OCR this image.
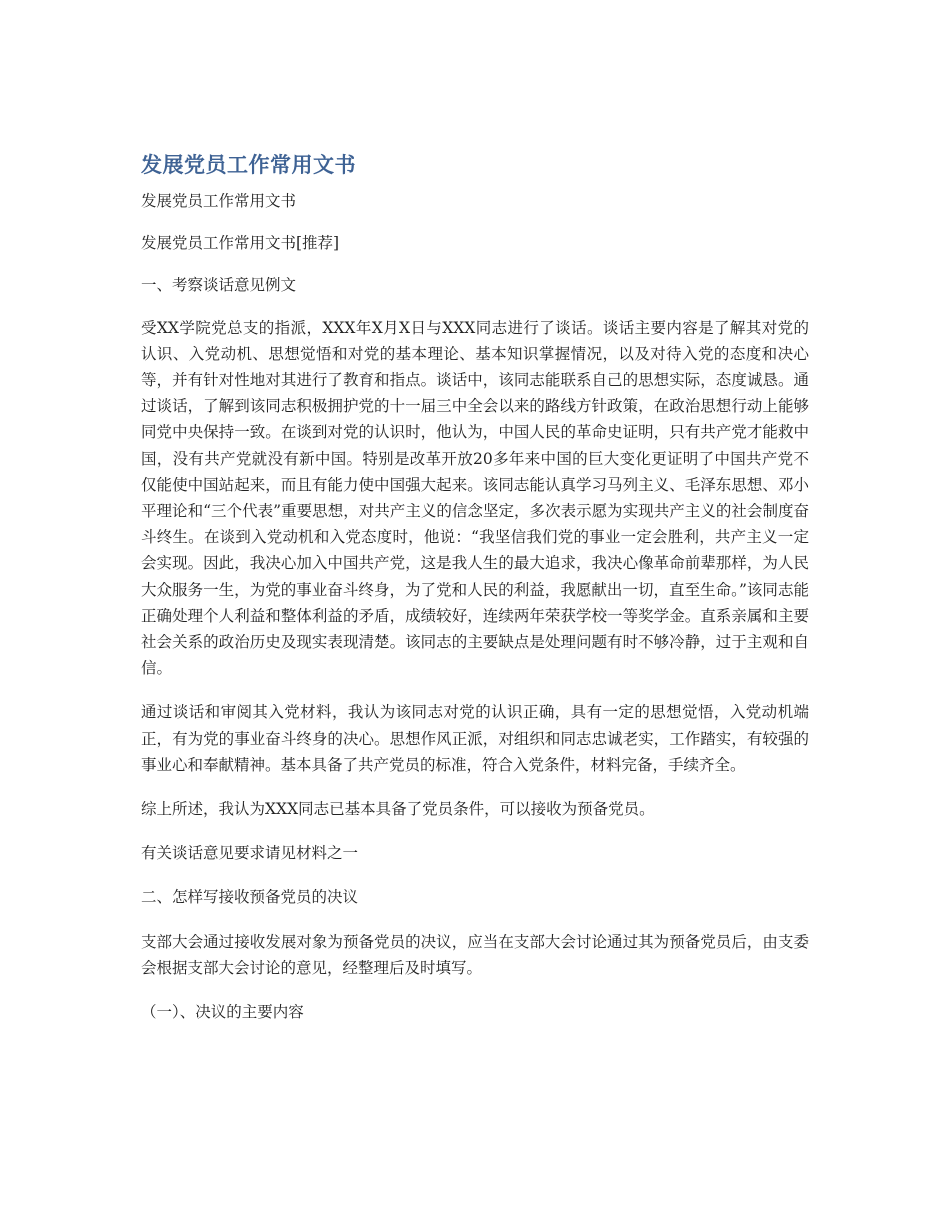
发展党员工作常用文书

发展党员工作常用文书

发展党员工作常用文书[推荐]

一、考察谈话意见例文

受XX学院党总支的指派，XXX年X月X日与XXX同志进行了谈话。谈话主要内容是了解其对党的认识、入党动机、思想觉悟和对党的基本理论、基本知识掌握情况，以及对待入党的态度和决心等，并有针对性地对其进行了教育和指点。谈话中，该同志能联系自己的思想实际，态度诚恳。通过谈话，了解到该同志积极拥护党的十一届三中全会以来的路线方针政策，在政治思想行动上能够同党中央保持一致。在谈到对党的认识时，他认为，中国人民的革命史证明，只有共产党才能救中国，没有共产党就没有新中国。特别是改革开放20多年来中国的巨大变化更证明了中国共产党不仅能使中国站起来，而且有能力使中国强大起来。该同志能认真学习马列主义、毛泽东思想、邓小平理论和“三个代表”重要思想，对共产主义的信念坚定，多次表示愿为实现共产主义的社会制度奋斗终生。在谈到入党动机和入党态度时，他说：“我坚信我们党的事业一定会胜利，共产主义一定会实现。因此，我决心加入中国共产党，这是我人生的最大追求，我决心像革命前辈那样，为人民大众服务一生，为党的事业奋斗终身，为了党和人民的利益，我愿献出一切，直至生命。”该同志能正确处理个人利益和整体利益的矛盾，成绩较好，连续两年荣获学校一等奖学金。直系亲属和主要社会关系的政治历史及现实表现清楚。该同志的主要缺点是处理问题有时不够冷静，过于主观和自信。

通过谈话和审阅其入党材料，我认为该同志对党的认识正确，具有一定的思想觉悟，入党动机端正，有为党的事业奋斗终身的决心。思想作风正派，对组织和同志忠诚老实，工作踏实，有较强的事业心和奉献精神。基本具备了共产党员的标准，符合入党条件，材料完备，手续齐全。

综上所述，我认为XXX同志已基本具备了党员条件，可以接收为预备党员。

有关谈话意见要求请见材料之一

二、怎样写接收预备党员的决议

支部大会通过接收发展对象为预备党员的决议，应当在支部大会讨论通过其为预备党员后，由支委会根据支部大会讨论的意见，经整理后及时填写。

（一）、决议的主要内容
